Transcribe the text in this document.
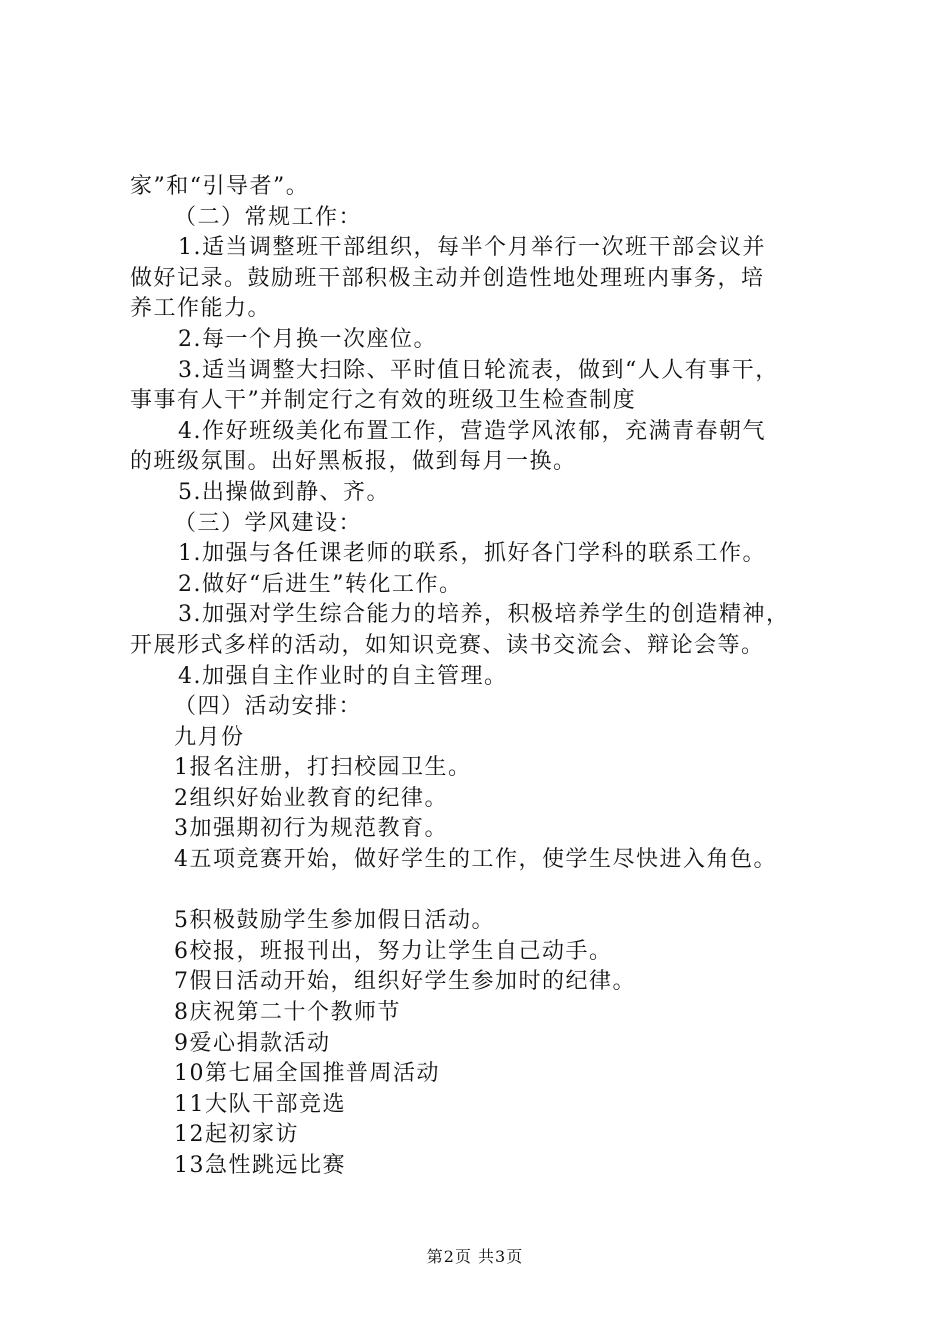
家”和“引导者”。

（二）常规工作：

1.适当调整班干部组织，每半个月举行一次班干部会议并

做好记录。鼓励班干部积极主动并创造性地处理班内事务，培

养工作能力。

2.每一个月换一次座位。

3.适当调整大扫除、平时值日轮流表，做到“人人有事干，

事事有人干”并制定行之有效的班级卫生检查制度

4.作好班级美化布置工作，营造学风浓郁，充满青春朝气

的班级氛围。出好黑板报，做到每月一换。

5.出操做到静、齐。

（三）学风建设：

1.加强与各任课老师的联系，抓好各门学科的联系工作。

2.做好“后进生”转化工作。

3.加强对学生综合能力的培养，积极培养学生的创造精神，

开展形式多样的活动，如知识竞赛、读书交流会、辩论会等。

4.加强自主作业时的自主管理。

（四）活动安排：

九月份

1报名注册，打扫校园卫生。

2组织好始业教育的纪律。

3加强期初行为规范教育。

4五项竞赛开始，做好学生的工作，使学生尽快进入角色。

5积极鼓励学生参加假日活动。

6校报，班报刊出，努力让学生自己动手。

7假日活动开始，组织好学生参加时的纪律。

8庆祝第二十个教师节

9爱心捐款活动

10第七届全国推普周活动

11大队干部竞选

12起初家访

13急性跳远比赛

第2页 共3页
